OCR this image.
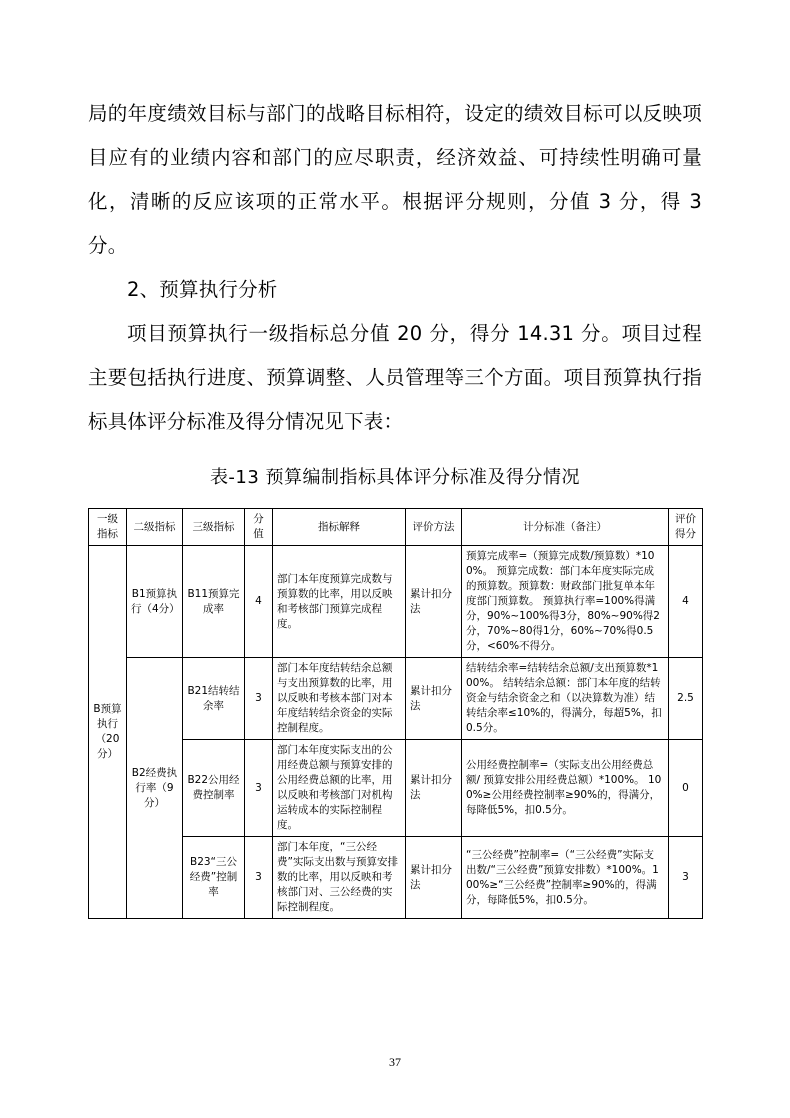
局的年度绩效目标与部门的战略目标相符，设定的绩效目标可以反映项目应有的业绩内容和部门的应尽职责，经济效益、可持续性明确可量化，清晰的反应该项的正常水平。根据评分规则，分值 3 分，得 3 分。

2、预算执行分析

项目预算执行一级指标总分值 20 分，得分 14.31 分。项目过程主要包括执行进度、预算调整、人员管理等三个方面。项目预算执行指标具体评分标准及得分情况见下表：

表-13 预算编制指标具体评分标准及得分情况
一级指标	二级指标	三级指标	分值	指标解释	评价方法	计分标准（备注）	评价得分
B预算执行（20分）	B1预算执行（4分）	B11预算完成率	4	部门本年度预算完成数与预算数的比率，用以反映和考核部门预算完成程度。	累计扣分法	预算完成率=（预算完成数/预算数）*100%。 预算完成数：部门本年度实际完成的预算数。预算数：财政部门批复单本年度部门预算数。 预算执行率=100%得满分，90%~100%得3分，80%~90%得2分，70%~80得1分，60%~70%得0.5分，<60%不得分。	4
	B2经费执行率（9分）	B21结转结余率	3	部门本年度结转结余总额与支出预算数的比率，用以反映和考核本部门对本年度结转结余资金的实际控制程度。	累计扣分法	结转结余率=结转结余总额/支出预算数*100%。 结转结余总额：部门本年度的结转资金与结余资金之和（以决算数为准）结转结余率≤10%的，得满分，每超5%，扣0.5分。	2.5
		B22公用经费控制率	3	部门本年度实际支出的公用经费总额与预算安排的公用经费总额的比率，用以反映和考核部门对机构运转成本的实际控制程度。	累计扣分法	公用经费控制率=（实际支出公用经费总额/ 预算安排公用经费总额）*100%。 100%≥公用经费控制率≥90%的，得满分，每降低5%，扣0.5分。	0
		B23“三公经费”控制率	3	部门本年度，“三公经费”实际支出数与预算安排数的比率，用以反映和考核部门对、三公经费的实际控制程度。	累计扣分法	“三公经费”控制率=（“三公经费”实际支出数/“三公经费”预算安排数）*100%。100%≥“三公经费”控制率≥90%的，得满分，每降低5%，扣0.5分。	3
37
